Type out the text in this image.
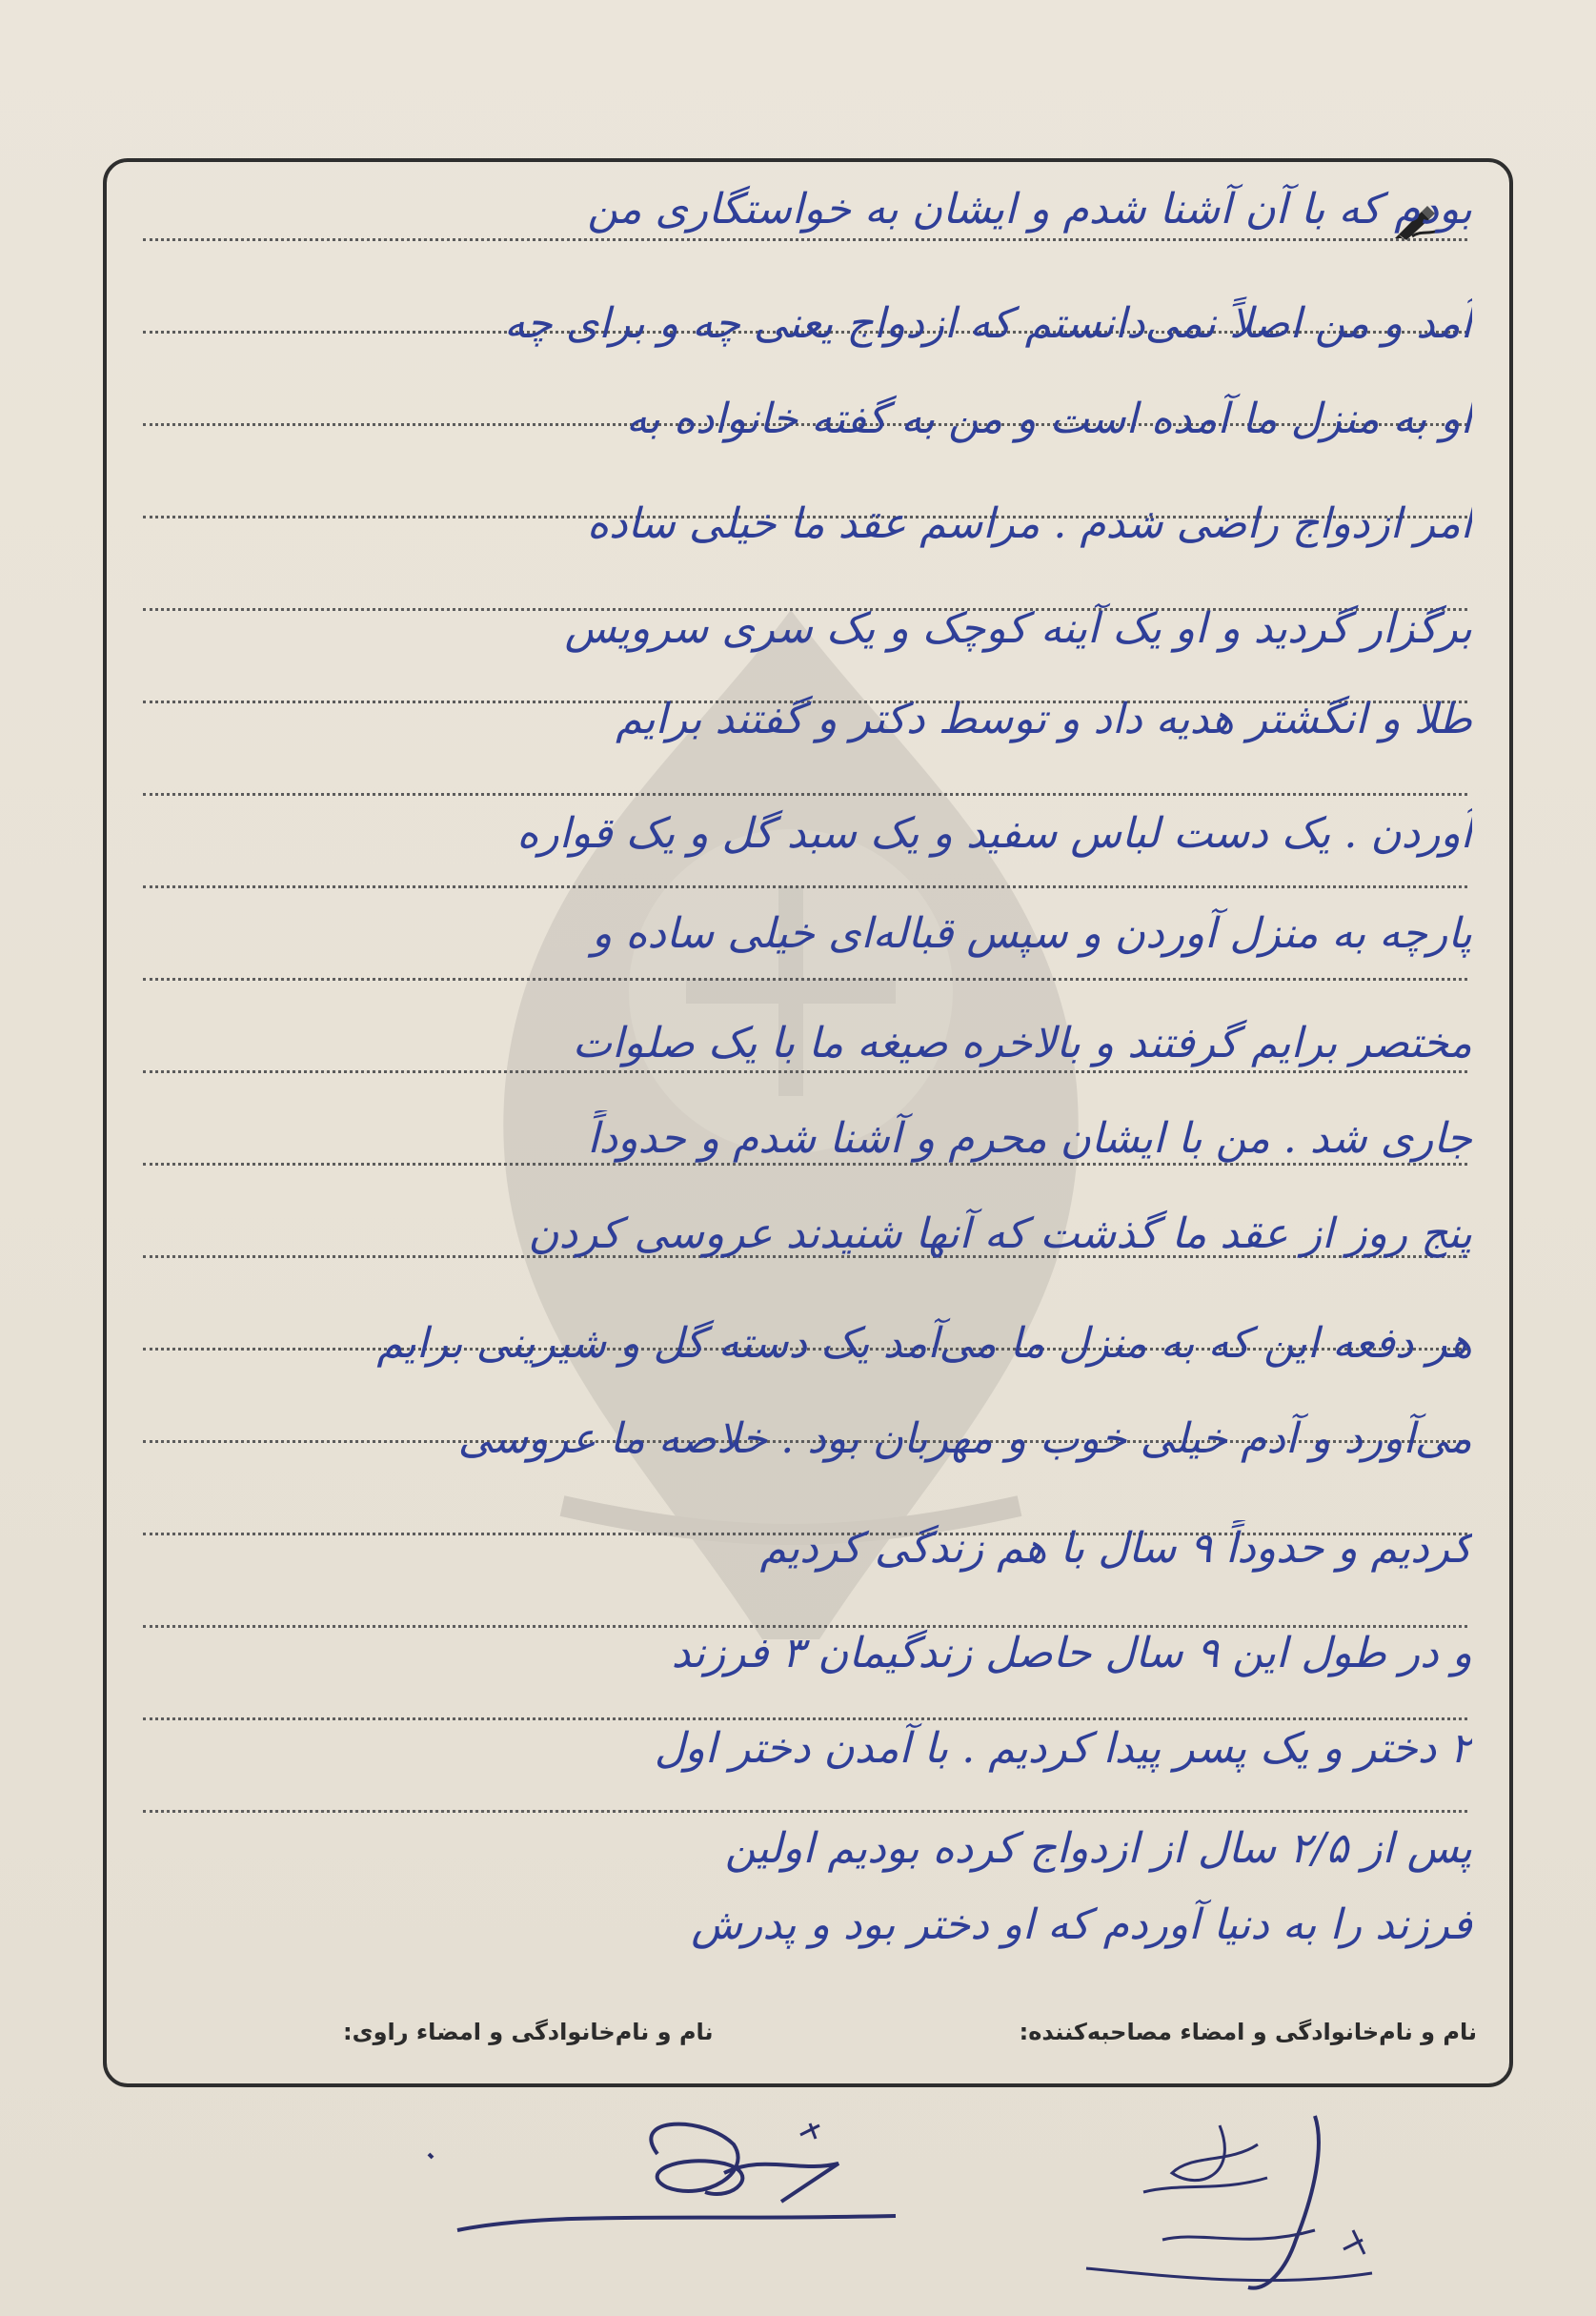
بودم که با آن آشنا شدم و ایشان به خواستگاری من
آمد و من اصلاً نمی‌دانستم که ازدواج یعنی چه و برای چه
او به منزل ما آمده است و من به گفته خانواده به
امر ازدواج راضی شدم . مراسم عقد ما خیلی ساده
برگزار گردید و او یک آینه کوچک و یک سری سرویس
طلا و انگشتر هدیه داد و توسط دکتر و گفتند برایم
آوردن . یک دست لباس سفید و یک سبد گل و یک قواره
پارچه به منزل آوردن و سپس قباله‌ای خیلی ساده و
مختصر برایم گرفتند و بالاخره صیغه ما با یک صلوات
جاری شد . من با ایشان محرم و آشنا شدم و حدوداً
پنج روز از عقد ما گذشت که آنها شنیدند عروسی کردن
هر دفعه این که به منزل ما می‌آمد یک دسته گل و شیرینی برایم
می‌آورد و آدم خیلی خوب و مهربان بود . خلاصه ما عروسی
کردیم و حدوداً ۹ سال با هم زندگی کردیم
و در طول این ۹ سال حاصل زندگیمان ۳ فرزند
۲ دختر و یک پسر پیدا کردیم . با آمدن دختر اول
پس از ۲/۵ سال از ازدواج کرده بودیم اولین
فرزند را به دنیا آوردم که او دختر بود و پدرش
نام و نام‌خانوادگی و امضاء مصاحبه‌کننده:
نام و نام‌خانوادگی و امضاء راوی:
